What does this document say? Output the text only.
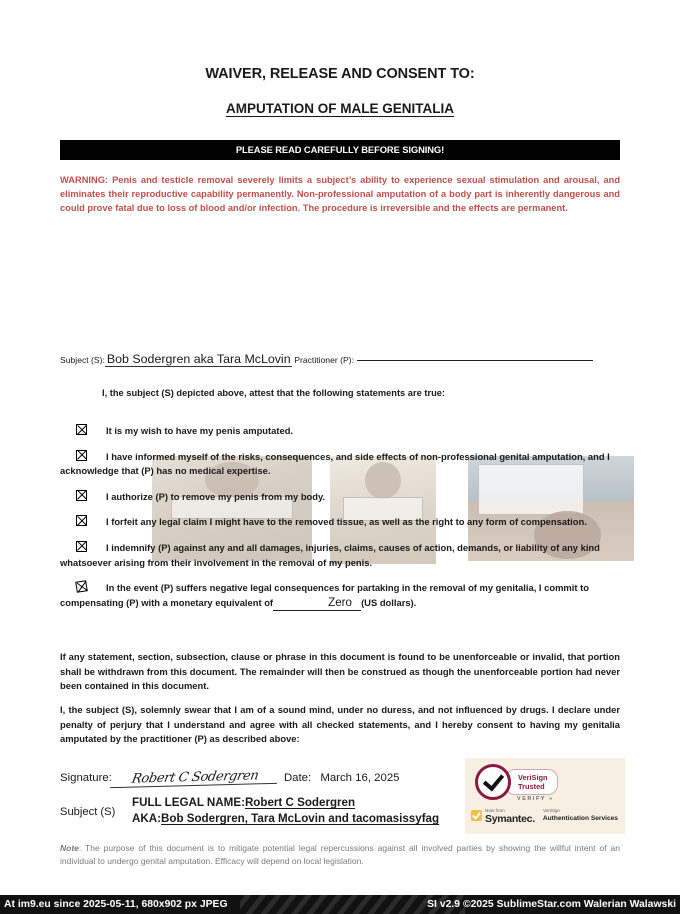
WAIVER, RELEASE AND CONSENT TO:
AMPUTATION OF MALE GENITALIA
PLEASE READ CAREFULLY BEFORE SIGNING!
WARNING: Penis and testicle removal severely limits a subject’s ability to experience sexual stimulation and arousal, and eliminates their reproductive capability permanently. Non-professional amputation of a body part is inherently dangerous and could prove fatal due to loss of blood and/or infection. The procedure is irreversible and the effects are permanent.
Subject (S): Bob Sodergren aka Tara McLovin Practitioner (P):
I, the subject (S) depicted above, attest that the following statements are true:
It is my wish to have my penis amputated.
I have informed myself of the risks, consequences, and side effects of non-professional genital amputation, and I acknowledge that (P) has no medical expertise.
I authorize (P) to remove my penis from my body.
I forfeit any legal claim I might have to the removed tissue, as well as the right to any form of compensation.
I indemnify (P) against any and all damages, injuries, claims, causes of action, demands, or liability of any kind whatsoever arising from their involvement in the removal of my penis.
In the event (P) suffers negative legal consequences for partaking in the removal of my genitalia, I commit to compensating (P) with a monetary equivalent of	Zero (US dollars).
If any statement, section, subsection, clause or phrase in this document is found to be unenforceable or invalid, that portion shall be withdrawn from this document. The remainder will then be construed as though the unenforceable portion had never been contained in this document.
I, the subject (S), solemnly swear that I am of a sound mind, under no duress, and not influenced by drugs. I declare under penalty of perjury that I understand and agree with all checked statements, and I hereby consent to having my genitalia amputated by the practitioner (P) as described above:
Signature: Robert C Sodergren Date: March 16, 2025
Subject (S)
FULL LEGAL NAME:Robert C Sodergren
AKA:Bob Sodergren, Tara McLovin and tacomasissyfag
VeriSign
Trusted
VERIFY »
Now from
Symantec.
VeriSign
Authentication Services
Note: The purpose of this document is to mitigate potential legal repercussions against all involved parties by showing the willful intent of an individual to undergo genital amputation. Efficacy will depend on local legislation.
At im9.eu since 2025-05-11, 680x902 px JPEG	SI v2.9 ©2025 SublimeStar.com Walerian Walawski
